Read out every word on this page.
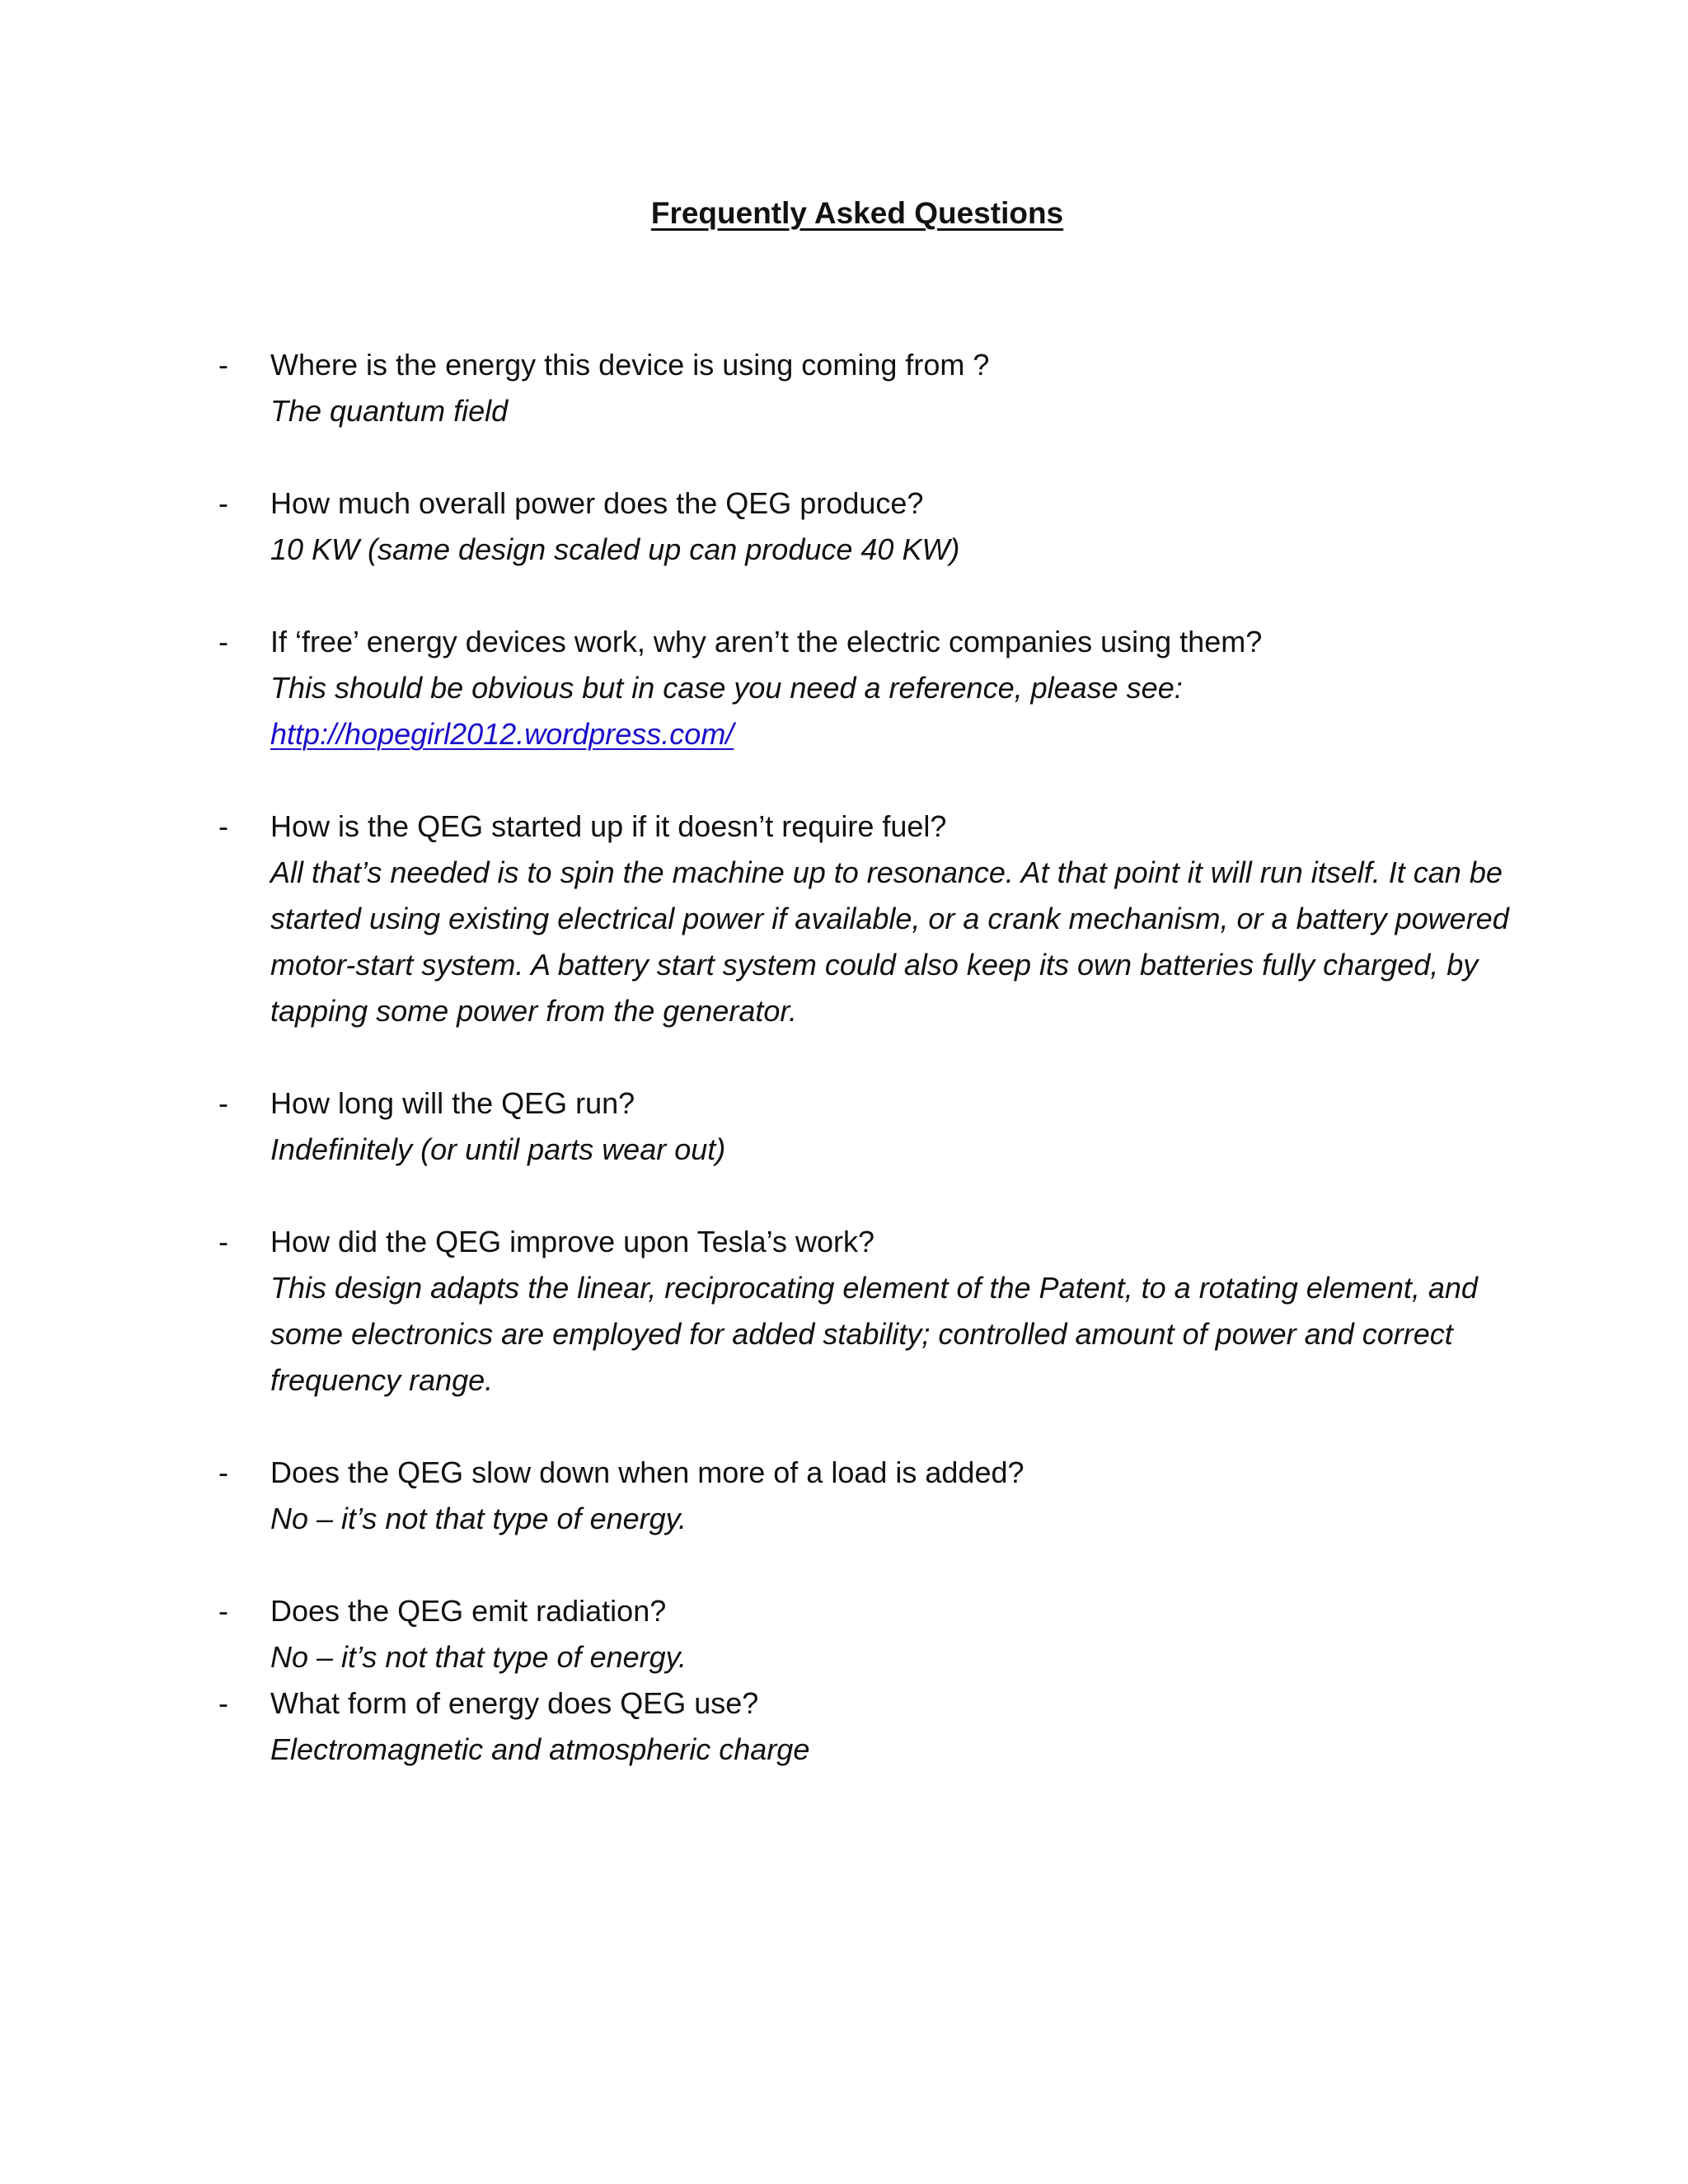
Frequently Asked Questions
-	Where is the energy this device is using coming from ?
The quantum field
-	How much overall power does the QEG produce?
10 KW (same design scaled up can produce 40 KW)
-	If ‘free’ energy devices work, why aren’t the electric companies using them?
This should be obvious but in case you need a reference, please see:
http://hopegirl2012.wordpress.com/
-	How is the QEG started up if it doesn’t require fuel?
All that’s needed is to spin the machine up to resonance. At that point it will run itself. It can be started using existing electrical power if available, or a crank mechanism, or a battery powered motor-start system. A battery start system could also keep its own batteries fully charged, by tapping some power from the generator.
-	How long will the QEG run?
Indefinitely (or until parts wear out)
-	How did the QEG improve upon Tesla’s work?
This design adapts the linear, reciprocating element of the Patent, to a rotating element, and some electronics are employed for added stability; controlled amount of power and correct frequency range.
-	Does the QEG slow down when more of a load is added?
No – it’s not that type of energy.
-	Does the QEG emit radiation?
No – it’s not that type of energy.
-	What form of energy does QEG use?
Electromagnetic and atmospheric charge
